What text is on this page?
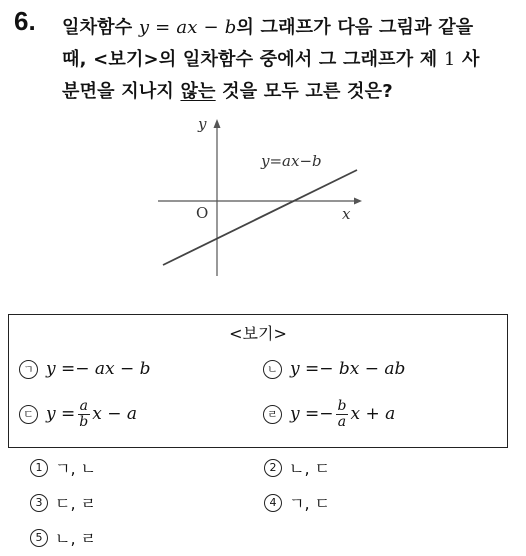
6. 일차함수 y = ax − b의 그래프가 다음 그림과 같을
때, <보기>의 일차함수 중에서 그 그래프가 제 1 사
분면을 지나지 않는 것을 모두 고른 것은?
y
x
O
y=ax−b
<보기>
ㄱ y =− ax − b	ㄴ y =− bx − ab
ㄷ $y = \frac{a}{b}$ x − a	ㄹ $y =- \frac{b}{a}$ x + a
1 ㄱ, ㄴ	2 ㄴ, ㄷ
3 ㄷ, ㄹ	4 ㄱ, ㄷ
5 ㄴ, ㄹ
